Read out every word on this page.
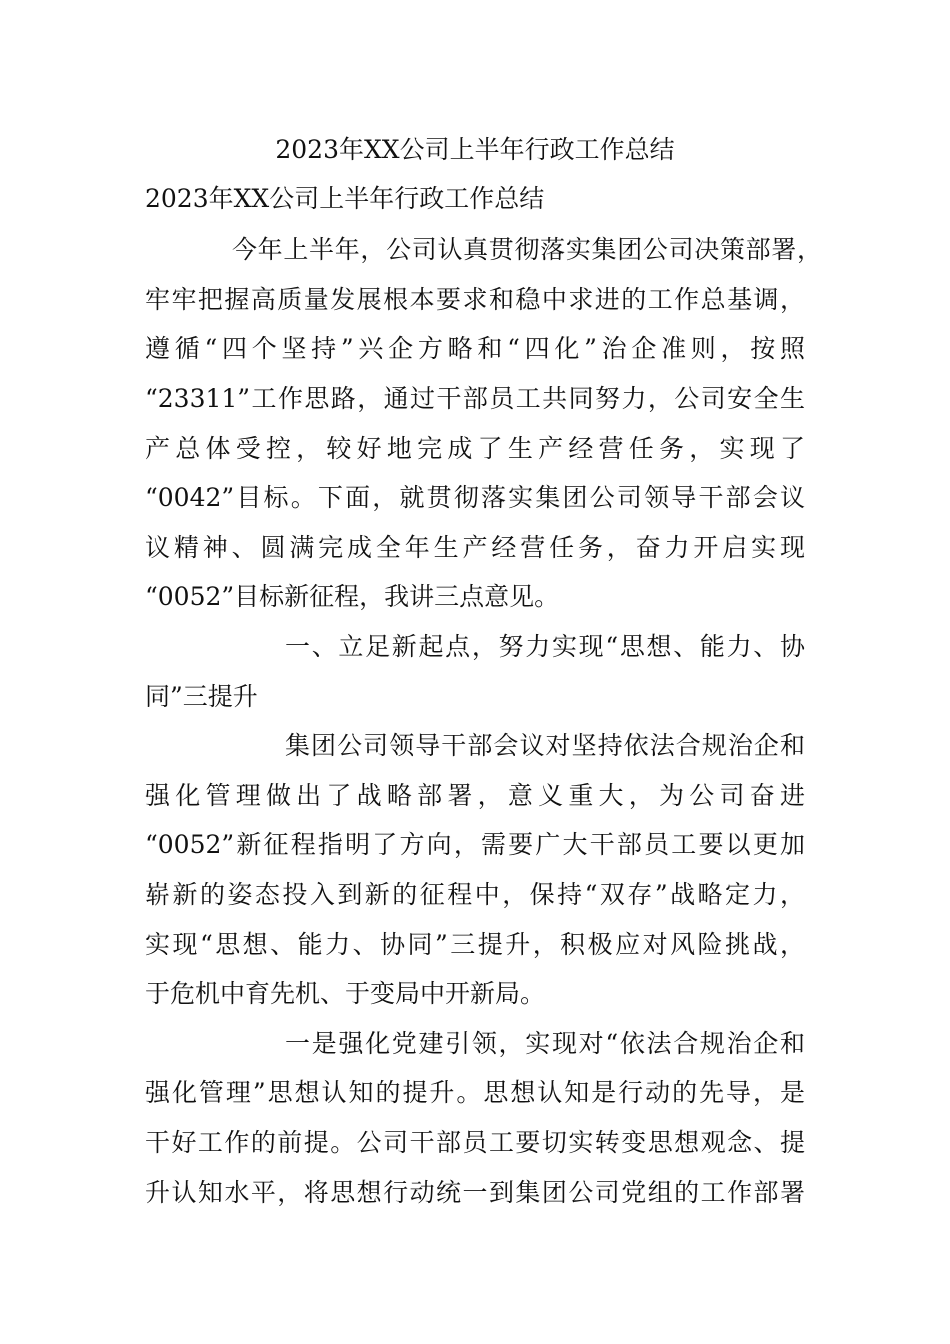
2023年XX公司上半年行政工作总结
2023年XX公司上半年行政工作总结

今年上半年，公司认真贯彻落实集团公司决策部署，

牢牢把握高质量发展根本要求和稳中求进的工作总基调，

遵循“四个坚持”兴企方略和“四化”治企准则，按照

“23311”工作思路，通过干部员工共同努力，公司安全生

产总体受控，较好地完成了生产经营任务，实现了

“0042”目标。下面，就贯彻落实集团公司领导干部会议

议精神、圆满完成全年生产经营任务，奋力开启实现

“0052”目标新征程，我讲三点意见。

一、立足新起点，努力实现“思想、能力、协

同”三提升

集团公司领导干部会议对坚持依法合规治企和

强化管理做出了战略部署，意义重大，为公司奋进

“0052”新征程指明了方向，需要广大干部员工要以更加

崭新的姿态投入到新的征程中，保持“双存”战略定力，

实现“思想、能力、协同”三提升，积极应对风险挑战，

于危机中育先机、于变局中开新局。

一是强化党建引领，实现对“依法合规治企和

强化管理”思想认知的提升。思想认知是行动的先导，是

干好工作的前提。公司干部员工要切实转变思想观念、提

升认知水平，将思想行动统一到集团公司党组的工作部署
